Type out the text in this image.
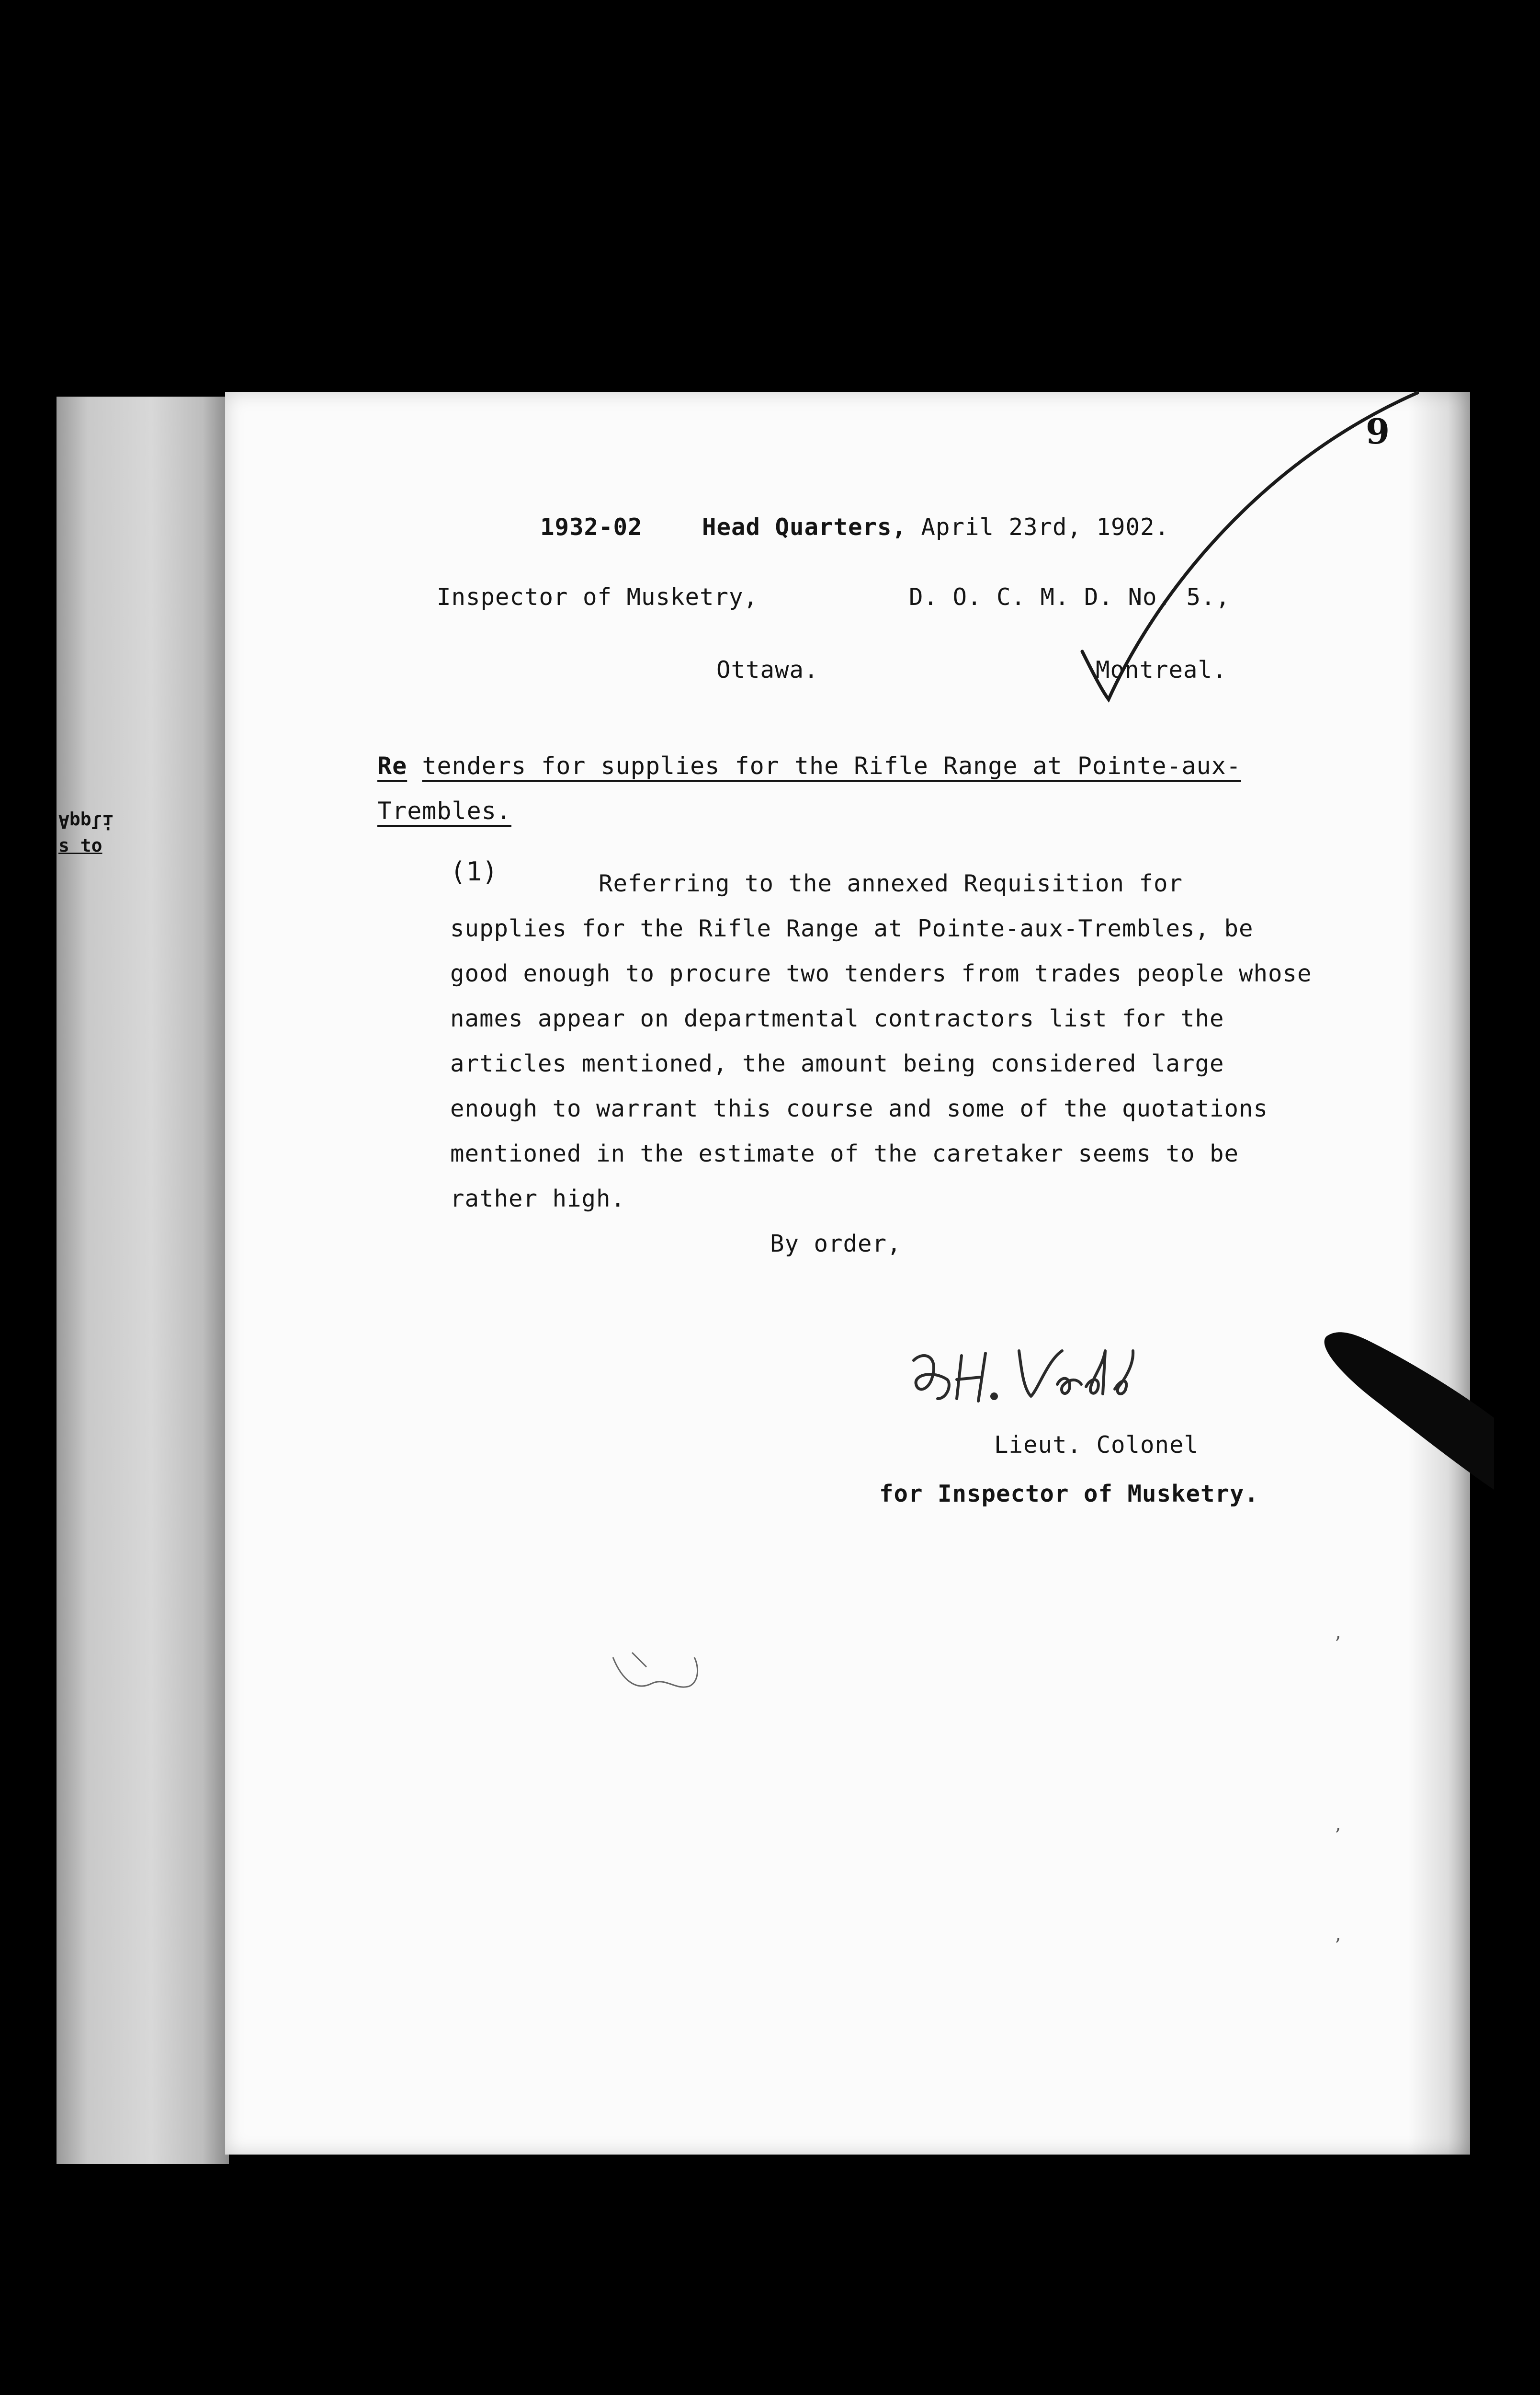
Appli
s to
9
1932-02	Head Quarters, April 23rd, 1902.
Inspector of Musketry,	D. O. C. M. D. No. 5.,
Ottawa.	Montreal.
Re tenders for supplies for the Rifle Range at Pointe-aux-Trembles.
(1)	Referring to the annexed Requisition for supplies for the Rifle Range at Pointe-aux-Trembles, be good enough to procure two tenders from trades people whose names appear on departmental contractors list for the articles mentioned, the amount being considered large enough to warrant this course and some of the quotations mentioned in the estimate of the caretaker seems to be rather high.
By order,
Lieut. Colonel
for Inspector of Musketry.
ʼ
ʼ
ʼ
